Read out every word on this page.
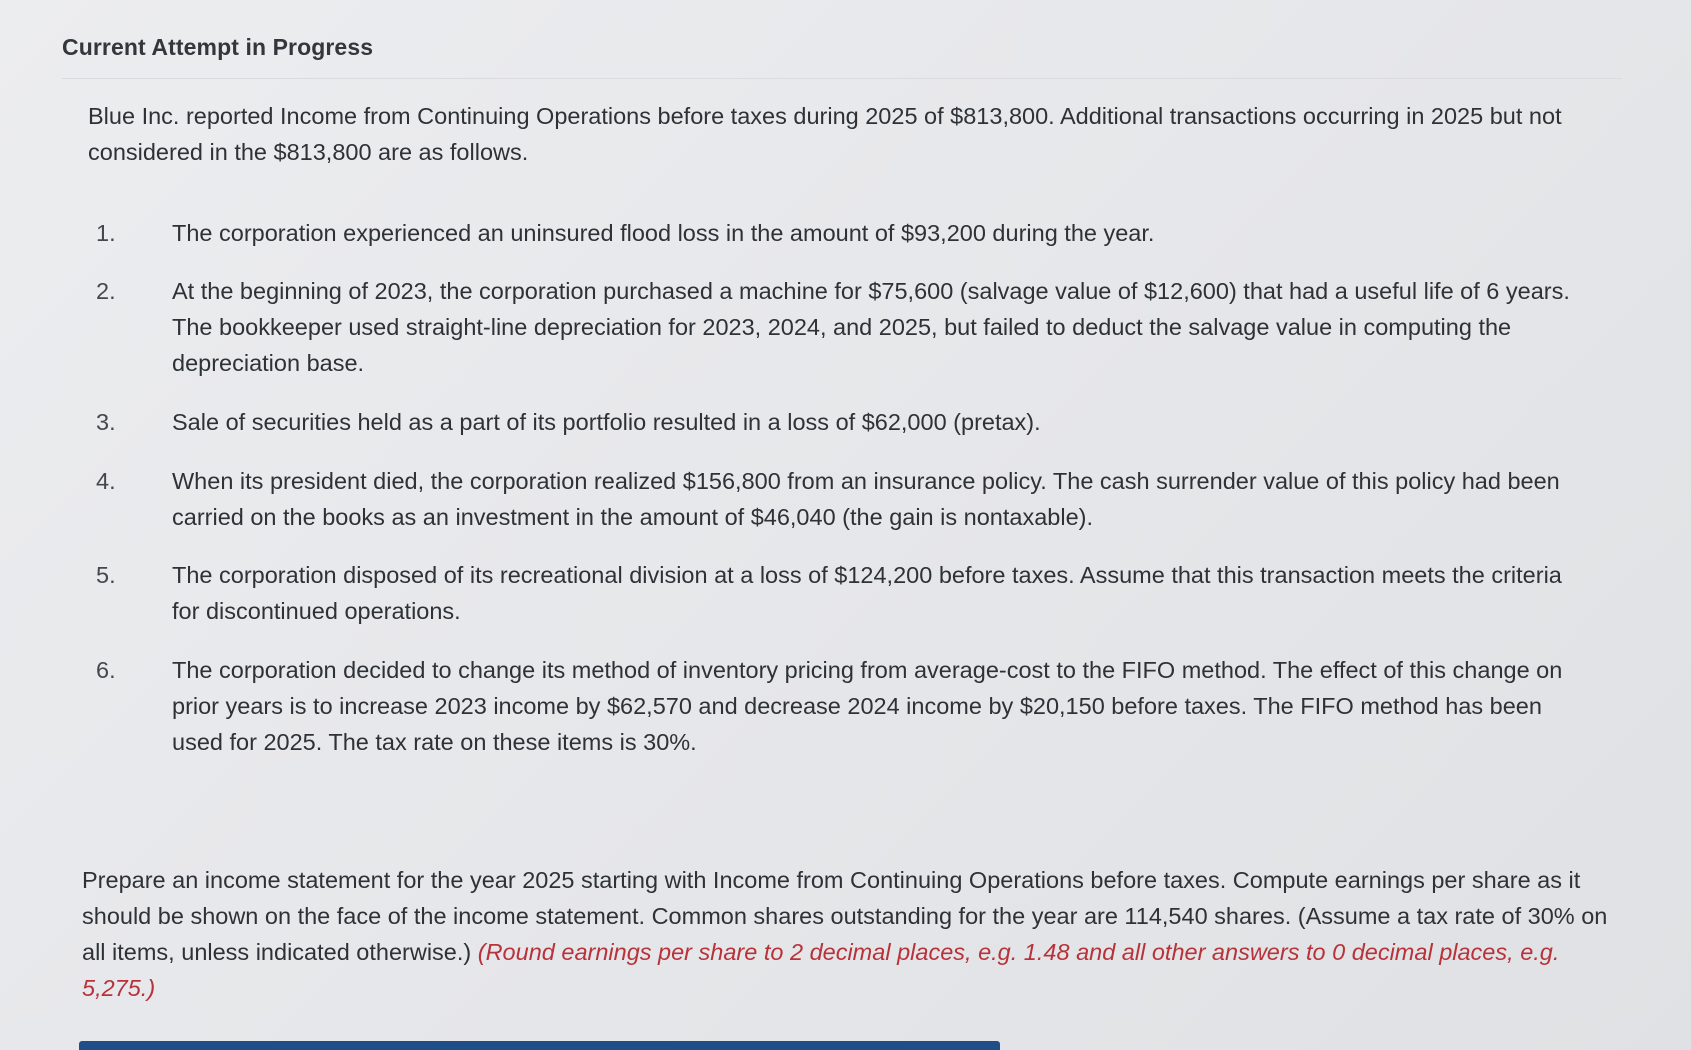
Current Attempt in Progress
Blue Inc. reported Income from Continuing Operations before taxes during 2025 of $813,800. Additional transactions occurring in 2025 but not considered in the $813,800 are as follows.
1.	The corporation experienced an uninsured flood loss in the amount of $93,200 during the year.
2.	At the beginning of 2023, the corporation purchased a machine for $75,600 (salvage value of $12,600) that had a useful life of 6 years. The bookkeeper used straight-line depreciation for 2023, 2024, and 2025, but failed to deduct the salvage value in computing the depreciation base.
3.	Sale of securities held as a part of its portfolio resulted in a loss of $62,000 (pretax).
4.	When its president died, the corporation realized $156,800 from an insurance policy. The cash surrender value of this policy had been carried on the books as an investment in the amount of $46,040 (the gain is nontaxable).
5.	The corporation disposed of its recreational division at a loss of $124,200 before taxes. Assume that this transaction meets the criteria for discontinued operations.
6.	The corporation decided to change its method of inventory pricing from average-cost to the FIFO method. The effect of this change on prior years is to increase 2023 income by $62,570 and decrease 2024 income by $20,150 before taxes. The FIFO method has been used for 2025. The tax rate on these items is 30%.
Prepare an income statement for the year 2025 starting with Income from Continuing Operations before taxes. Compute earnings per share as it should be shown on the face of the income statement. Common shares outstanding for the year are 114,540 shares. (Assume a tax rate of 30% on all items, unless indicated otherwise.) (Round earnings per share to 2 decimal places, e.g. 1.48 and all other answers to 0 decimal places, e.g. 5,275.)
